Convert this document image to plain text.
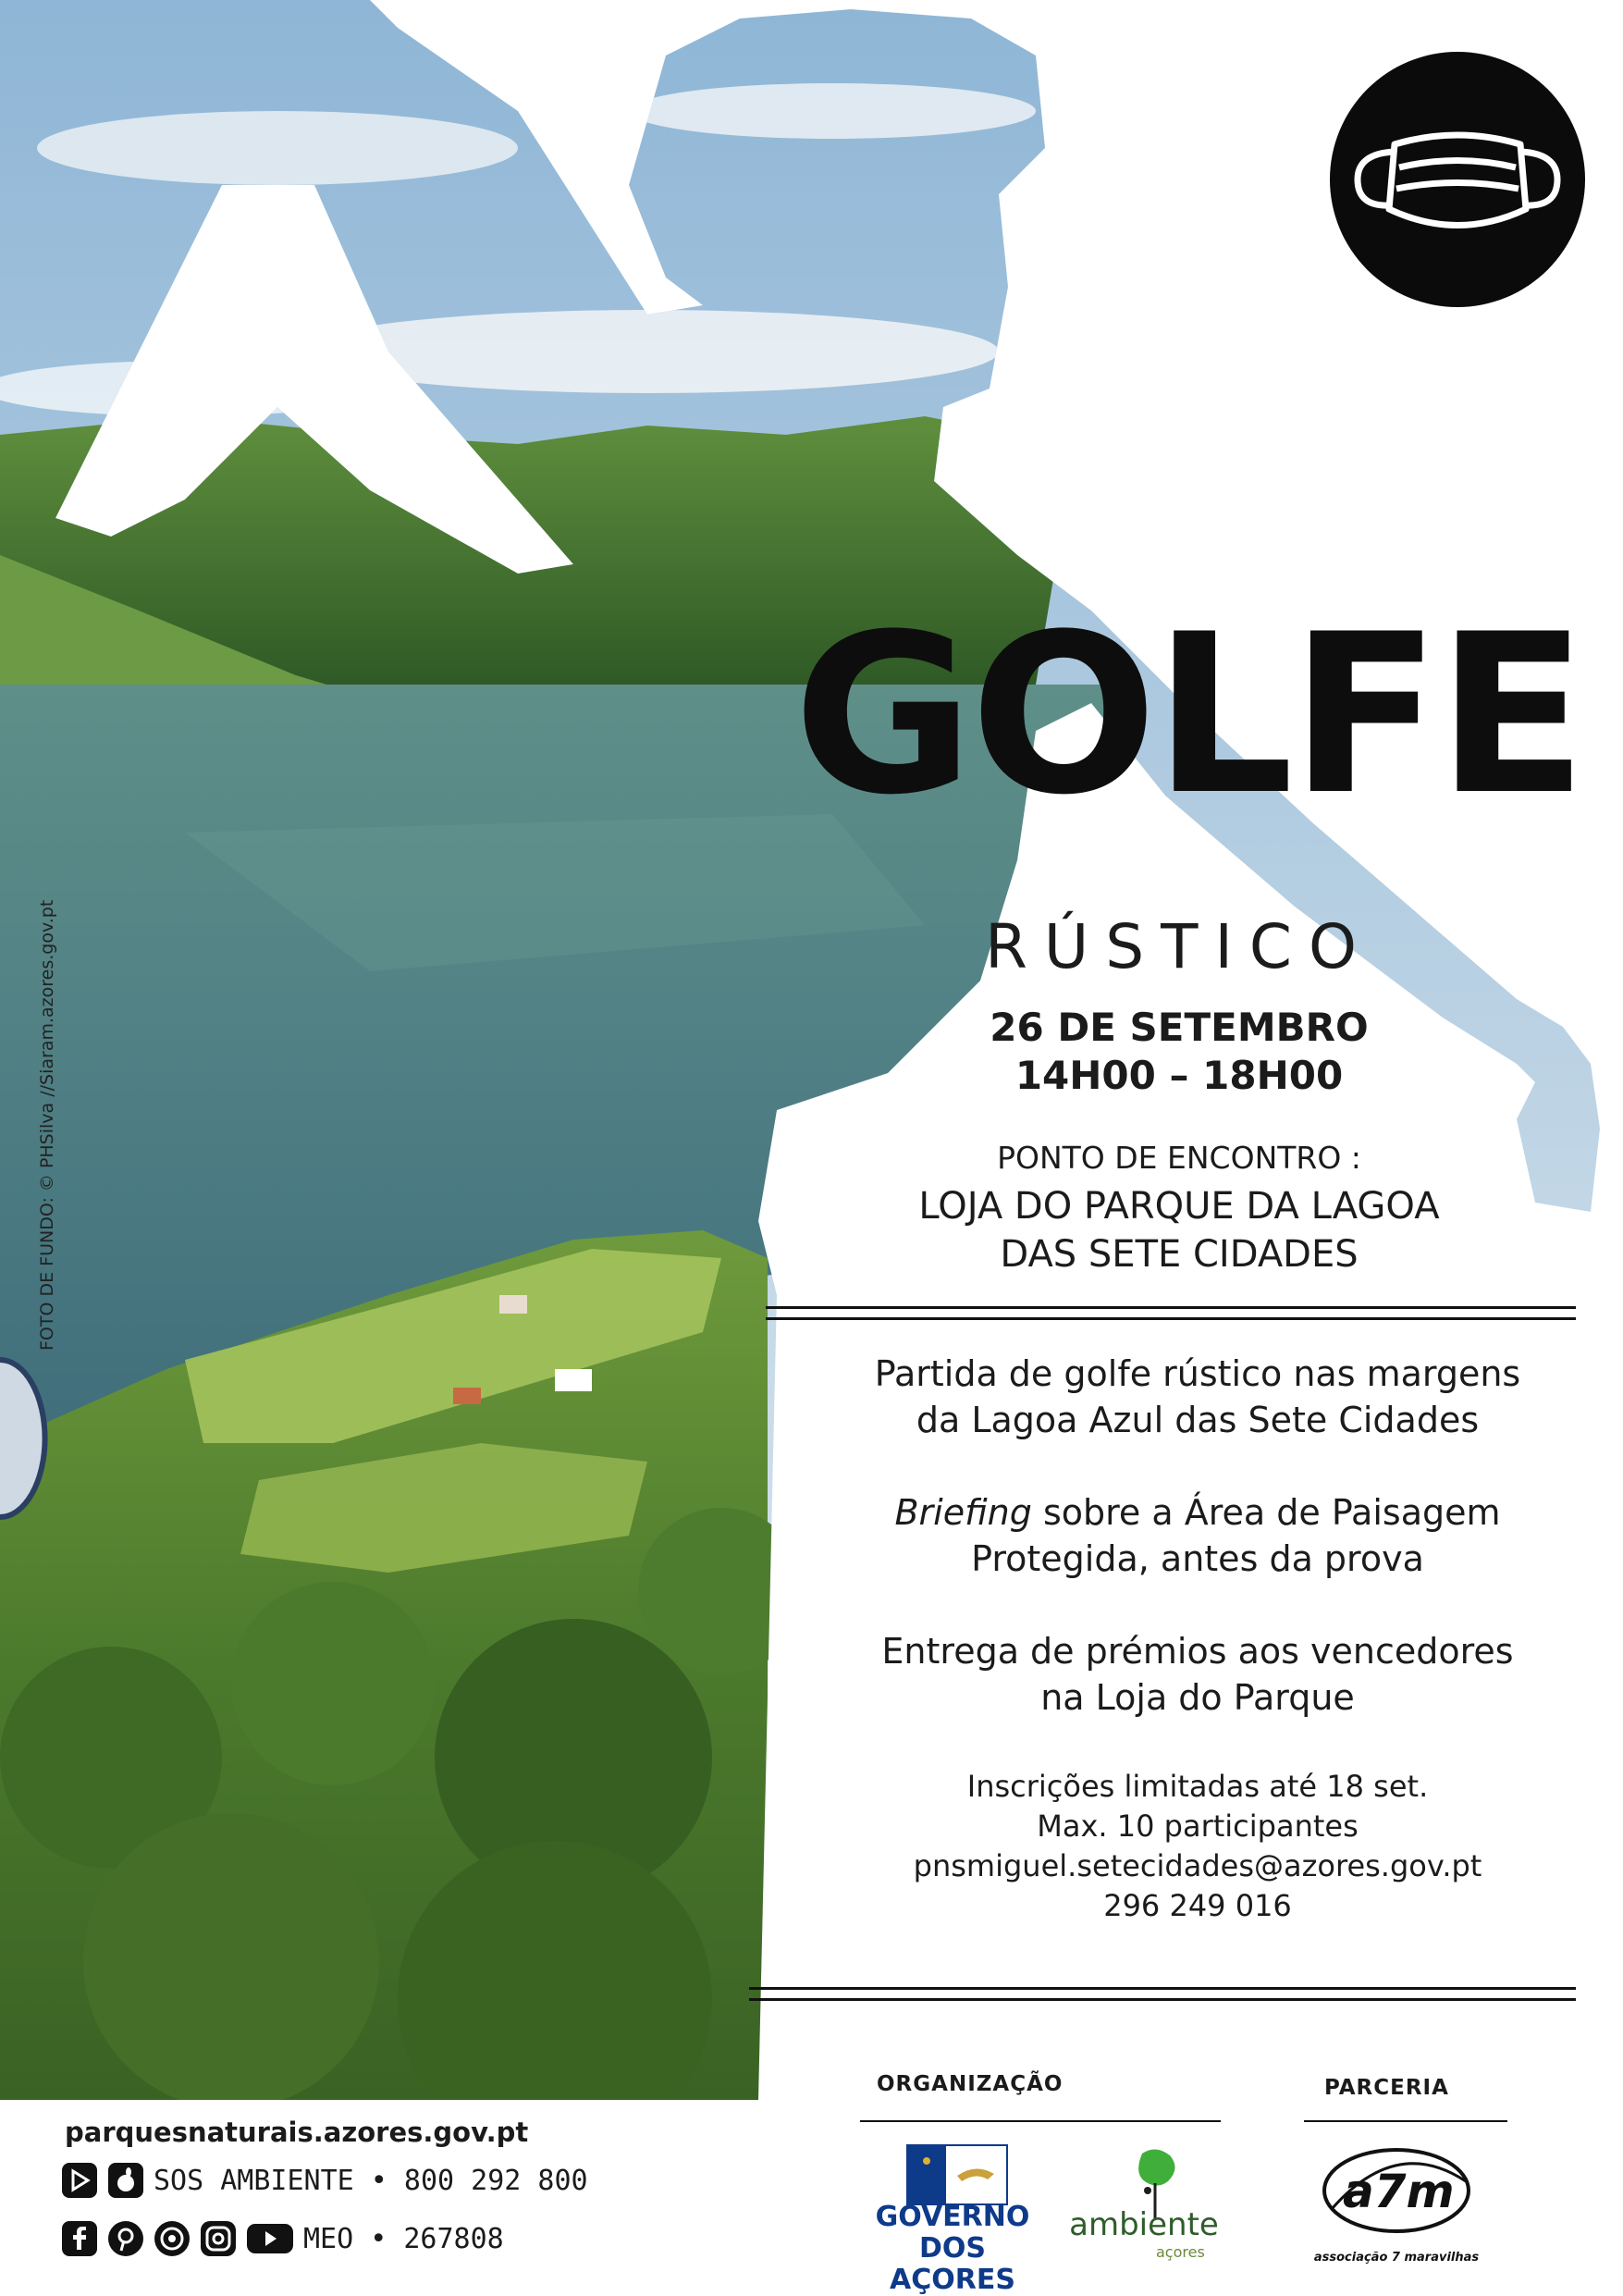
FOTO DE FUNDO: © PHSilva //Siaram.azores.gov.pt
GOLFE
RÚSTICO
26 DE SETEMBRO
14H00 – 18H00
PONTO DE ENCONTRO :
LOJA DO PARQUE DA LAGOA
DAS SETE CIDADES
Partida de golfe rústico nas margens
da Lagoa Azul das Sete Cidades
Briefing sobre a Área de Paisagem
Protegida, antes da prova
Entrega de prémios aos vencedores
na Loja do Parque
Inscrições limitadas até 18 set.
Max. 10 participantes
pnsmiguel.setecidades@azores.gov.pt
296 249 016
parquesnaturais.azores.gov.pt
SOS AMBIENTE • 800 292 800
MEO • 267808
ORGANIZAÇÃO	PARCERIA
GOVERNO
DOS AÇORES
ambiente
açores
a7m
associação 7 maravilhas
